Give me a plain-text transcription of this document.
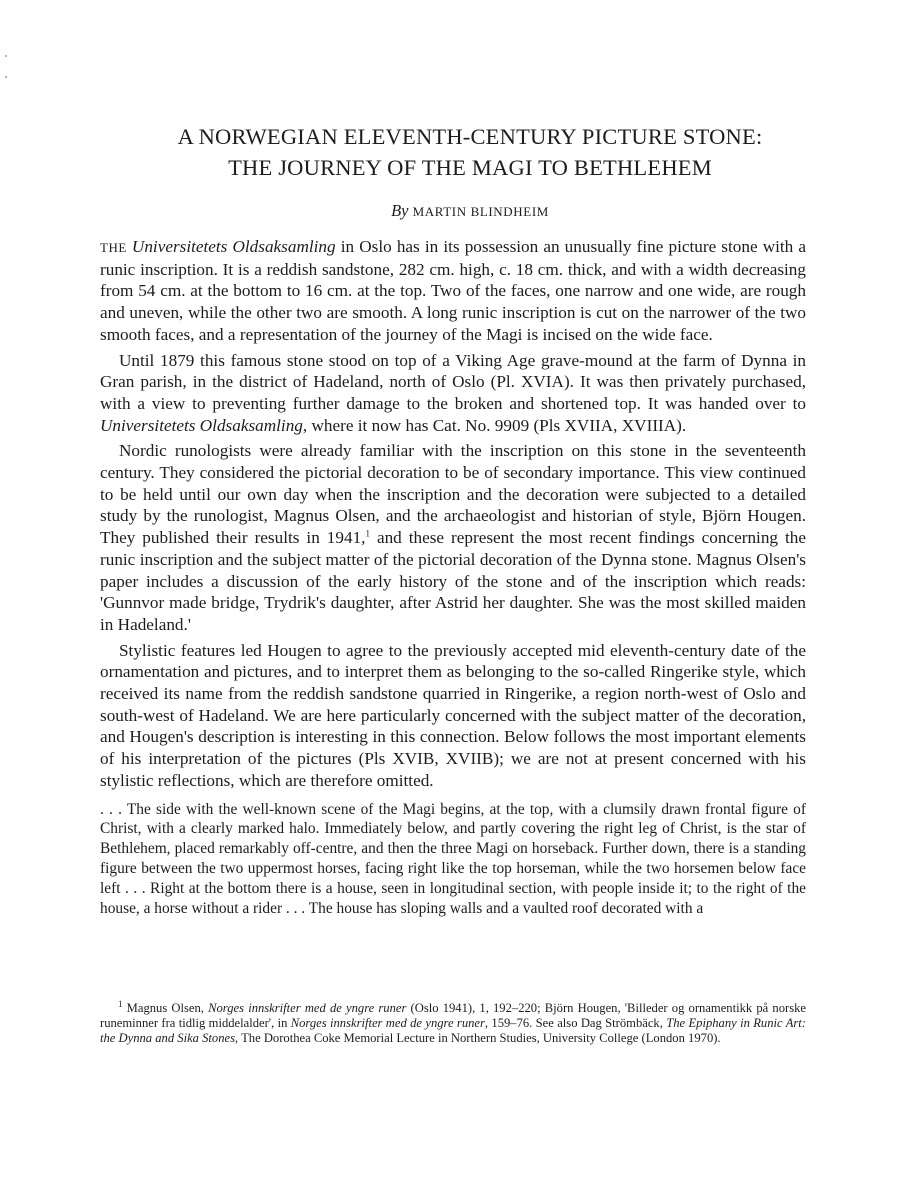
A NORWEGIAN ELEVENTH-CENTURY PICTURE STONE:
THE JOURNEY OF THE MAGI TO BETHLEHEM
By MARTIN BLINDHEIM

THE Universitetets Oldsaksamling in Oslo has in its possession an unusually fine picture stone with a runic inscription. It is a reddish sandstone, 282 cm. high, c. 18 cm. thick, and with a width decreasing from 54 cm. at the bottom to 16 cm. at the top. Two of the faces, one narrow and one wide, are rough and uneven, while the other two are smooth. A long runic inscription is cut on the narrower of the two smooth faces, and a representation of the journey of the Magi is incised on the wide face.

Until 1879 this famous stone stood on top of a Viking Age grave-mound at the farm of Dynna in Gran parish, in the district of Hadeland, north of Oslo (Pl. XVIA). It was then privately purchased, with a view to preventing further damage to the broken and shortened top. It was handed over to Universitetets Oldsaksamling, where it now has Cat. No. 9909 (Pls XVIIA, XVIIIA).

Nordic runologists were already familiar with the inscription on this stone in the seventeenth century. They considered the pictorial decoration to be of secondary importance. This view continued to be held until our own day when the inscription and the decoration were subjected to a detailed study by the runologist, Magnus Olsen, and the archaeologist and historian of style, Björn Hougen. They published their results in 1941,$^1$ and these represent the most recent findings concerning the runic inscription and the subject matter of the pictorial decoration of the Dynna stone. Magnus Olsen's paper includes a discussion of the early history of the stone and of the inscription which reads: 'Gunnvor made bridge, Trydrik's daughter, after Astrid her daughter. She was the most skilled maiden in Hadeland.'

Stylistic features led Hougen to agree to the previously accepted mid eleventh-century date of the ornamentation and pictures, and to interpret them as belonging to the so-called Ringerike style, which received its name from the reddish sandstone quarried in Ringerike, a region north-west of Oslo and south-west of Hadeland. We are here particularly concerned with the subject matter of the decoration, and Hougen's description is interesting in this connection. Below follows the most important elements of his interpretation of the pictures (Pls XVIB, XVIIB); we are not at present concerned with his stylistic reflections, which are therefore omitted.

. . . The side with the well-known scene of the Magi begins, at the top, with a clumsily drawn frontal figure of Christ, with a clearly marked halo. Immediately below, and partly covering the right leg of Christ, is the star of Bethlehem, placed remarkably off-centre, and then the three Magi on horseback. Further down, there is a standing figure between the two uppermost horses, facing right like the top horseman, while the two horsemen below face left . . . Right at the bottom there is a house, seen in longitudinal section, with people inside it; to the right of the house, a horse without a rider . . . The house has sloping walls and a vaulted roof decorated with a

$^1$ Magnus Olsen, Norges innskrifter med de yngre runer (Oslo 1941), 1, 192–220; Björn Hougen, 'Billeder og ornamentikk på norske runeminner fra tidlig middelalder', in Norges innskrifter med de yngre runer, 159–76. See also Dag Strömbäck, The Epiphany in Runic Art: the Dynna and Sika Stones, The Dorothea Coke Memorial Lecture in Northern Studies, University College (London 1970).
